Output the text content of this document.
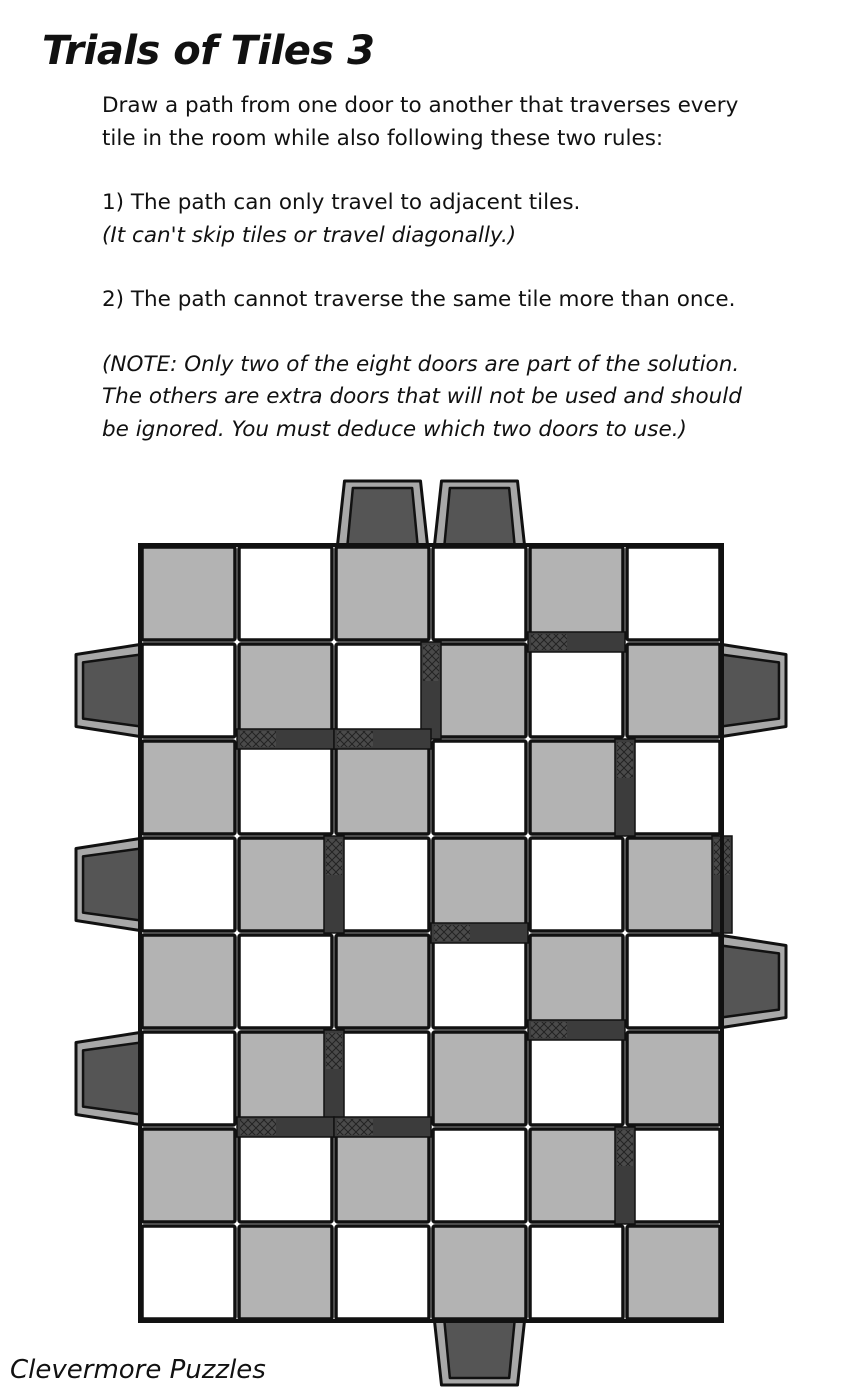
Trials of Tiles 3

Draw a path from one door to another that traverses every

tile in the room while also following these two rules:

1) The path can only travel to adjacent tiles.

(It can't skip tiles or travel diagonally.)

2) The path cannot traverse the same tile more than once.

(NOTE: Only two of the eight doors are part of the solution.

The others are extra doors that will not be used and should

be ignored. You must deduce which two doors to use.)

Clevermore Puzzles
